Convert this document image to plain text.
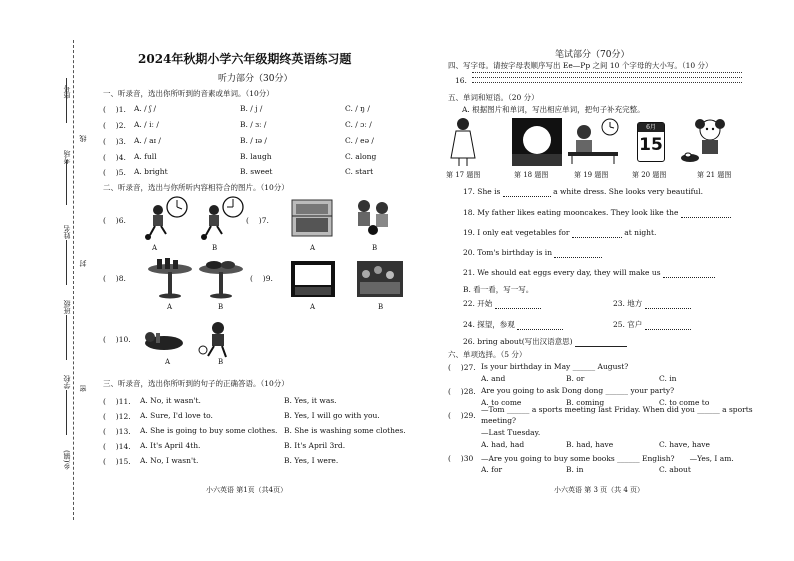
座号
考场
姓名
班级
学校
乡(镇)
线
封
密
2024年秋期小学六年级期终英语练习题
听力部分（30分）
一、听录音，选出你所听到的音素或单词。（10分）
( 　)1. A. / ʃ /	B. / j /	C. / ŋ /
( 　)2. A. / iː /	B. / ɜː /	C. / ɔː /
( 　)3. A. / aɪ /	B. / ɪə /	C. / eə /
( 　)4. A. full	B. laugh	C. along
( 　)5. A. bright	B. sweet	C. start
二、听录音，选出与你所听内容相符合的图片。（10分）
( 　)6.
A	B
( 　)7.
A	B
( 　)8.
A	B
( 　)9.
A	B
( 　)10.
A	B
三、听录音，选出你所听到的句子的正确答语。（10分）
( 　)11. A. No, it wasn't.	B. Yes, it was.
( 　)12. A. Sure, I'd love to.	B. Yes, I will go with you.
( 　)13. A. She is going to buy some clothes. B. She is washing some clothes.
( 　)14. A. It's April 4th.	B. It's April 3rd.
( 　)15. A. No, I wasn't.	B. Yes, I were.
小六英语 第1页（共4页）
笔试部分（70分）
四、写字母。请按字母表顺序写出 Ee—Pp 之间 10 个字母的大小写。（10 分）
16.
五、单词和短语。（20 分）
A. 根据图片和单词，写出相应单词，把句子补充完整。
6月
15
第 17 题图	第 18 题图	第 19 题图	第 20 题图	第 21 题图
17. She is	a white dress. She looks very beautiful.
18. My father likes eating mooncakes. They look like the
19. I only eat vegetables for	at night.
20. Tom's birthday is in
21. We should eat eggs every day, they will make us
B. 看一看，写一写。
22. 开始	23. 地方
24. 探望，参观	25. 官户
26. bring about(写出汉语意思)
六、单项选择。（5 分）
( 　)27. Is your birthday in May ______ August?
A. and	B. or	C. in
( 　)28. Are you going to ask Dong dong ______ your party?
A. to come	B. coming	C. to come to
( 　)29.
—Tom ______ a sports meeting last Friday. When did you ______ a sports meeting?
—Last Tuesday.
A. had, had	B. had, have	C. have, have
( 　)30 —Are you going to buy some books ______ English?　　—Yes, I am.
A. for	B. in	C. about
小六英语 第 3 页（共 4 页）
